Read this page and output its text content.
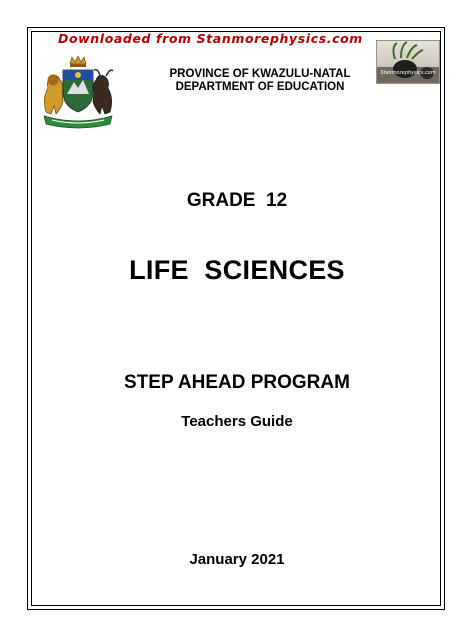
Downloaded from Stanmorephysics.com
Stanmorephysics.com
PROVINCE OF KWAZULU-NATAL
DEPARTMENT OF EDUCATION
GRADE  12
LIFE  SCIENCES
STEP AHEAD PROGRAM
Teachers Guide
January 2021
